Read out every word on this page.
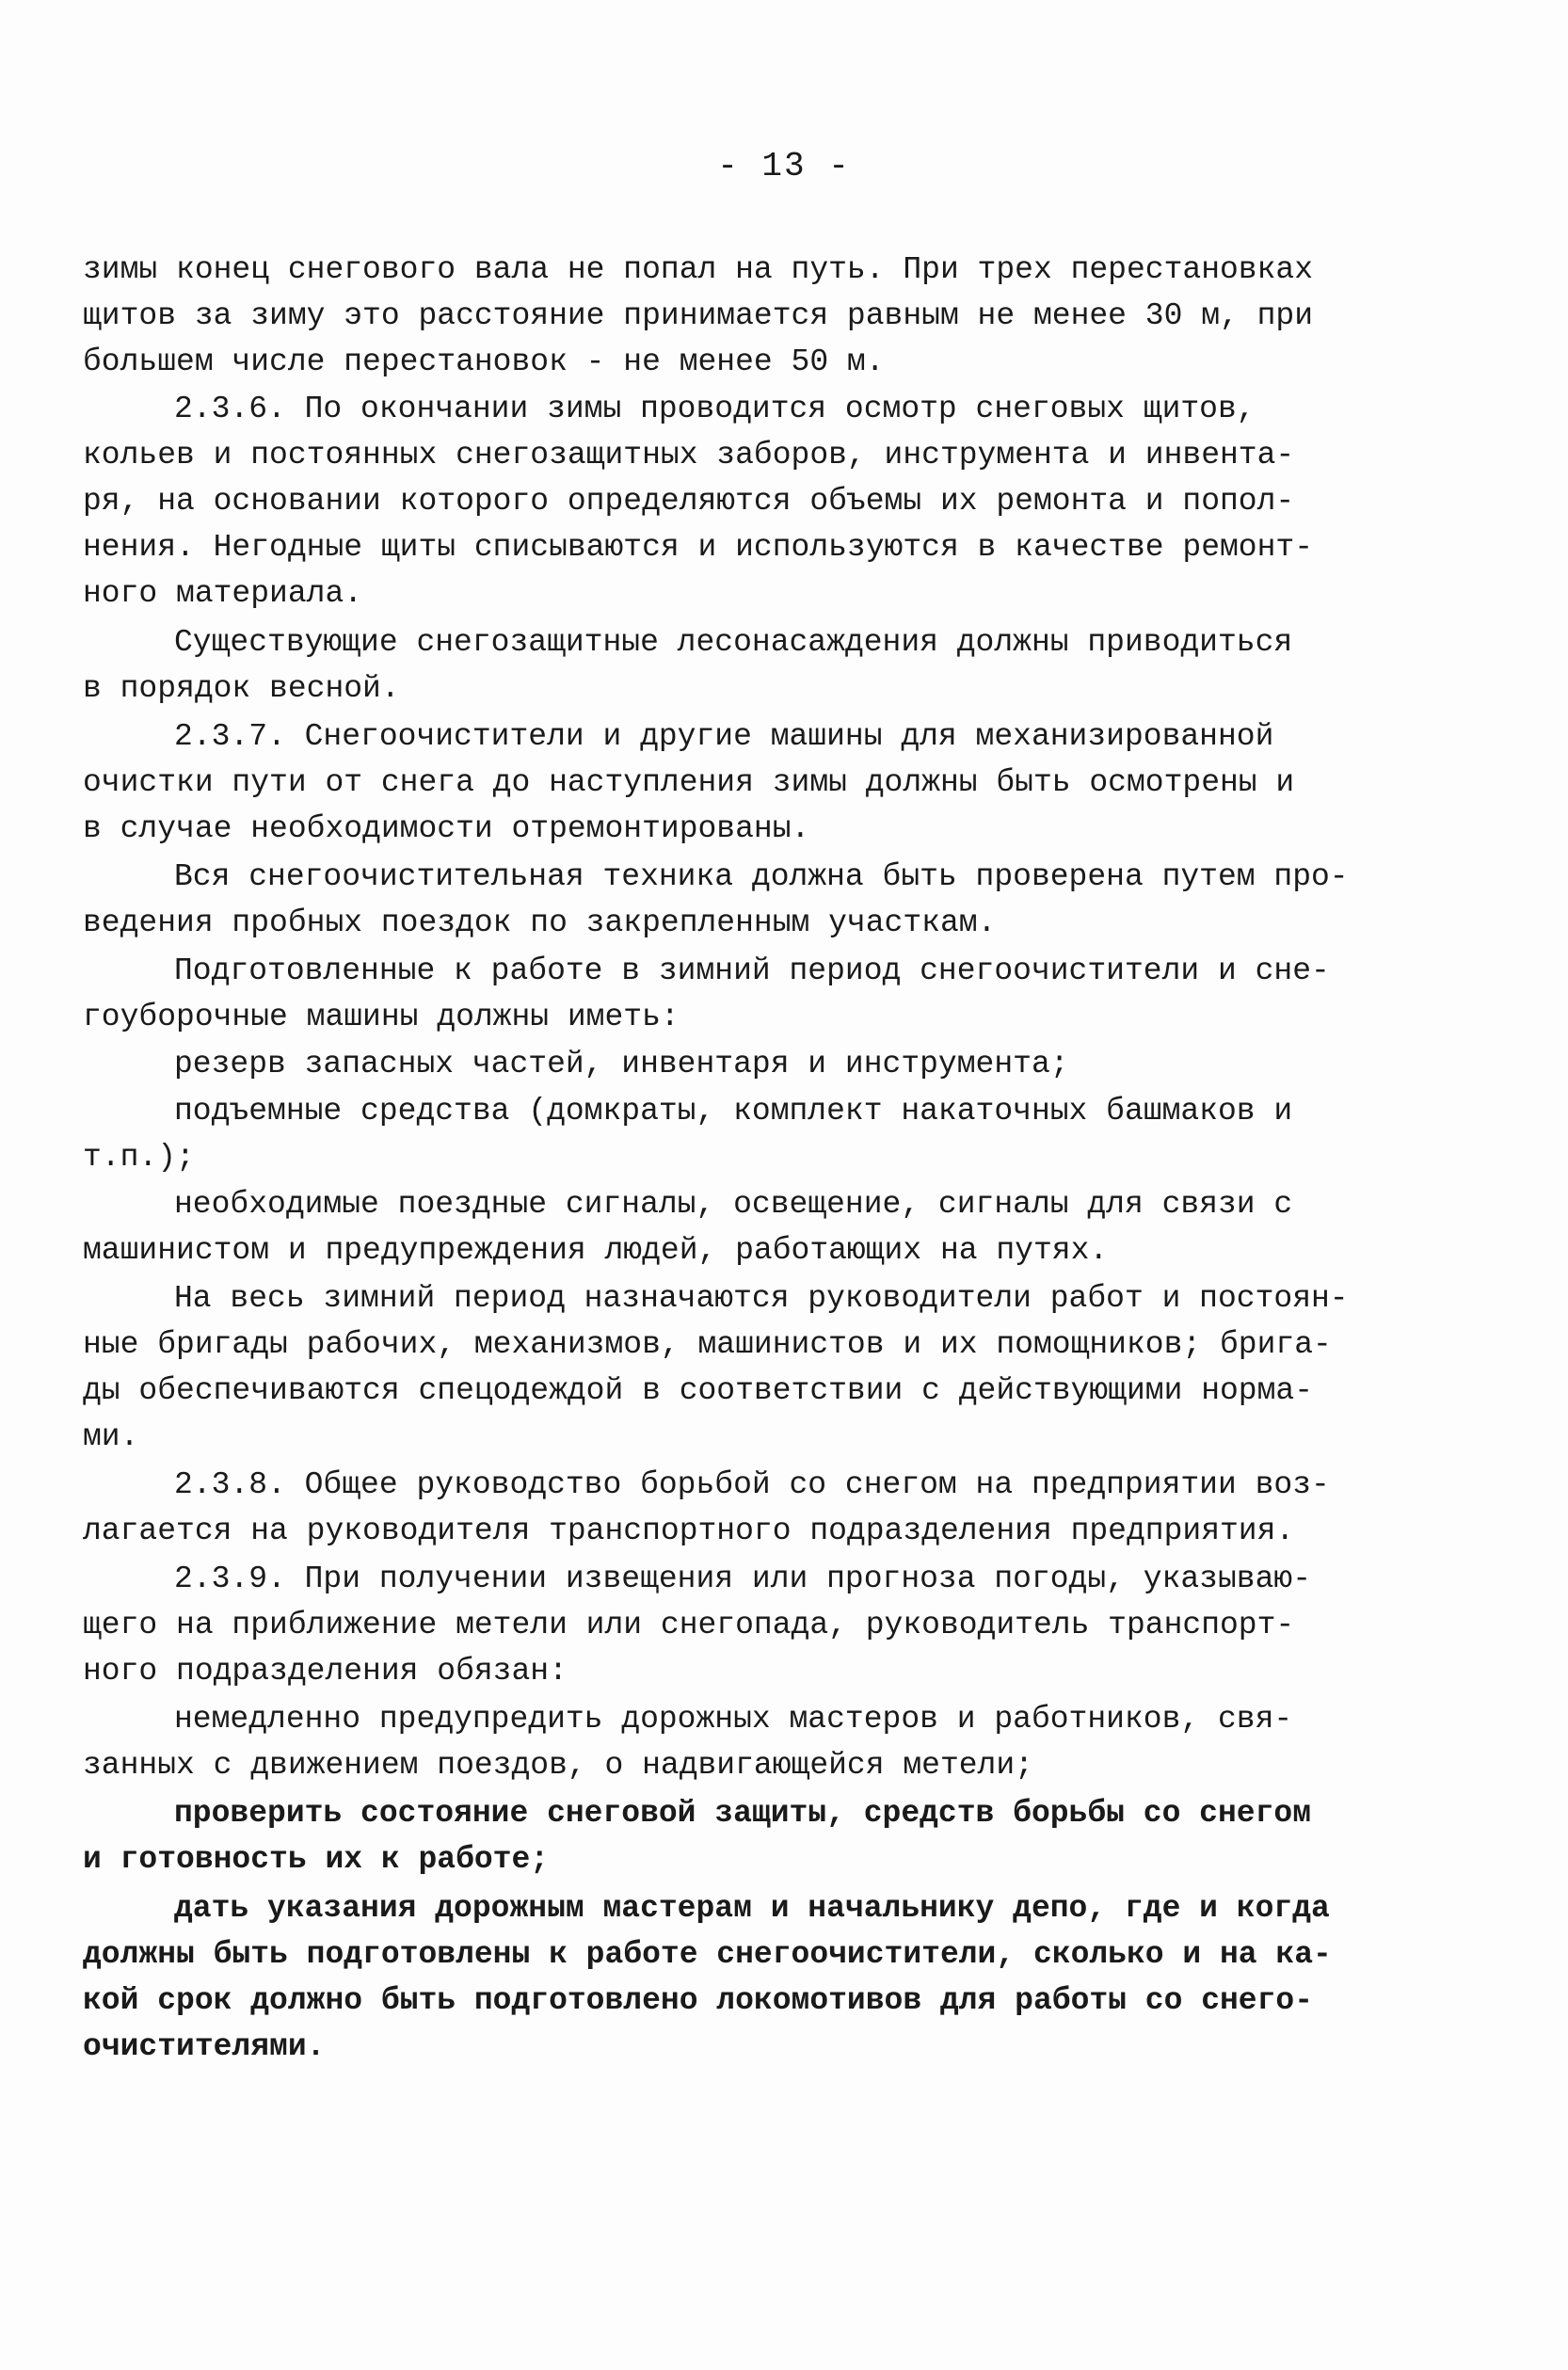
- 13 -
зимы конец снегового вала не попал на путь. При трех перестановках
щитов за зиму это расстояние принимается равным не менее 30 м, при
большем числе перестановок - не менее 50 м.
2.3.6. По окончании зимы проводится осмотр снеговых щитов,
кольев и постоянных снегозащитных заборов, инструмента и инвента-
ря, на основании которого определяются объемы их ремонта и попол-
нения. Негодные щиты списываются и используются в качестве ремонт-
ного материала.
Существующие снегозащитные лесонасаждения должны приводиться
в порядок весной.
2.3.7. Снегоочистители и другие машины для механизированной
очистки пути от снега до наступления зимы должны быть осмотрены и
в случае необходимости отремонтированы.
Вся снегоочистительная техника должна быть проверена путем про-
ведения пробных поездок по закрепленным участкам.
Подготовленные к работе в зимний период снегоочистители и сне-
гоуборочные машины должны иметь:
резерв запасных частей, инвентаря и инструмента;
подъемные средства (домкраты, комплект накаточных башмаков и
т.п.);
необходимые поездные сигналы, освещение, сигналы для связи с
машинистом и предупреждения людей, работающих на путях.
На весь зимний период назначаются руководители работ и постоян-
ные бригады рабочих, механизмов, машинистов и их помощников; брига-
ды обеспечиваются спецодеждой в соответствии с действующими норма-
ми.
2.3.8. Общее руководство борьбой со снегом на предприятии воз-
лагается на руководителя транспортного подразделения предприятия.
2.3.9. При получении извещения или прогноза погоды, указываю-
щего на приближение метели или снегопада, руководитель транспорт-
ного подразделения обязан:
немедленно предупредить дорожных мастеров и работников, свя-
занных с движением поездов, о надвигающейся метели;
проверить состояние снеговой защиты, средств борьбы со снегом
и готовность их к работе;
дать указания дорожным мастерам и начальнику депо, где и когда
должны быть подготовлены к работе снегоочистители, сколько и на ка-
кой срок должно быть подготовлено локомотивов для работы со снего-
очистителями.
